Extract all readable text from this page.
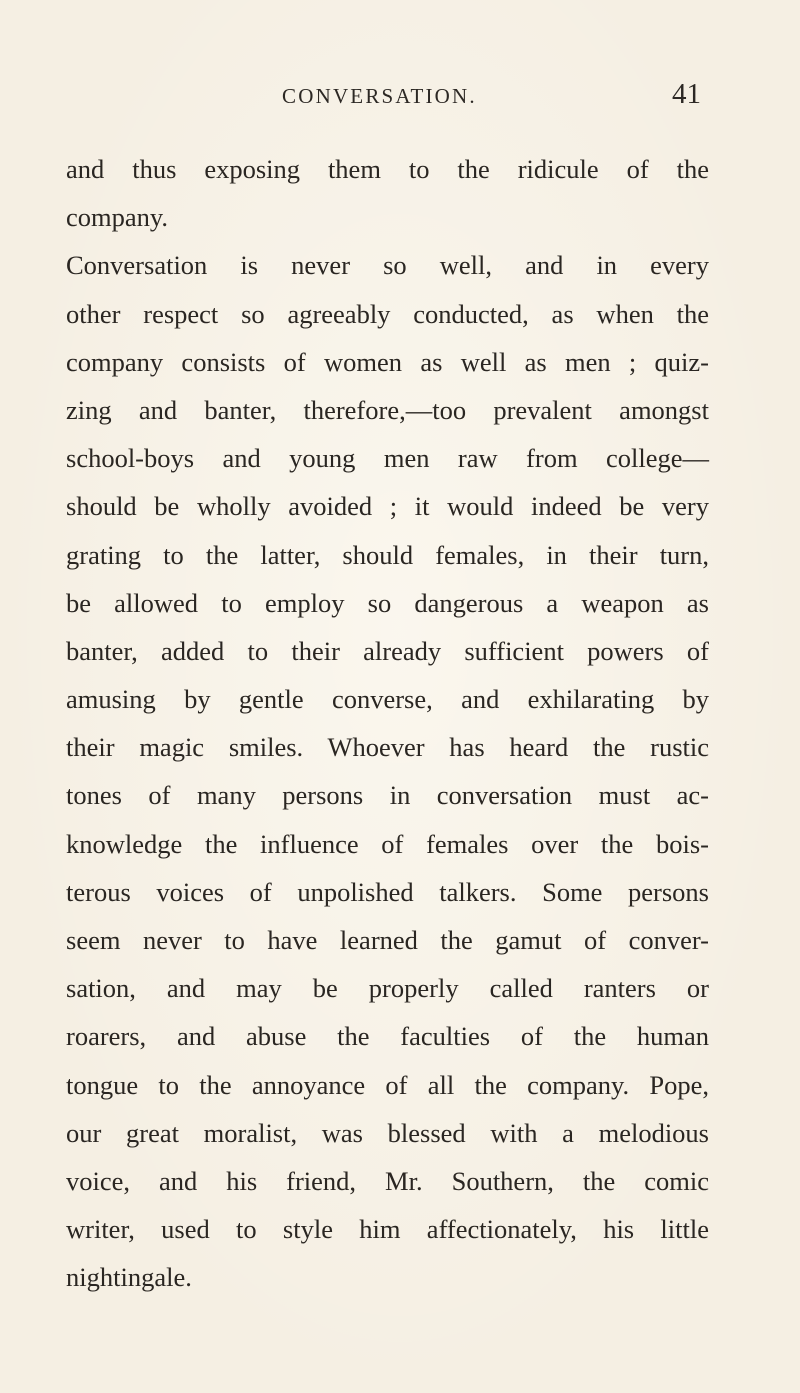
CONVERSATION.	41
and thus exposing them to the ridicule of the
company.
Conversation is never so well, and in every
other respect so agreeably conducted, as when the
company consists of women as well as men ; quiz-
zing and banter, therefore,—too prevalent amongst
school-boys and young men raw from college—
should be wholly avoided ; it would indeed be very
grating to the latter, should females, in their turn,
be allowed to employ so dangerous a weapon as
banter, added to their already sufficient powers of
amusing by gentle converse, and exhilarating by
their magic smiles. Whoever has heard the rustic
tones of many persons in conversation must ac-
knowledge the influence of females over the bois-
terous voices of unpolished talkers. Some persons
seem never to have learned the gamut of conver-
sation, and may be properly called ranters or
roarers, and abuse the faculties of the human
tongue to the annoyance of all the company. Pope,
our great moralist, was blessed with a melodious
voice, and his friend, Mr. Southern, the comic
writer, used to style him affectionately, his little
nightingale.
